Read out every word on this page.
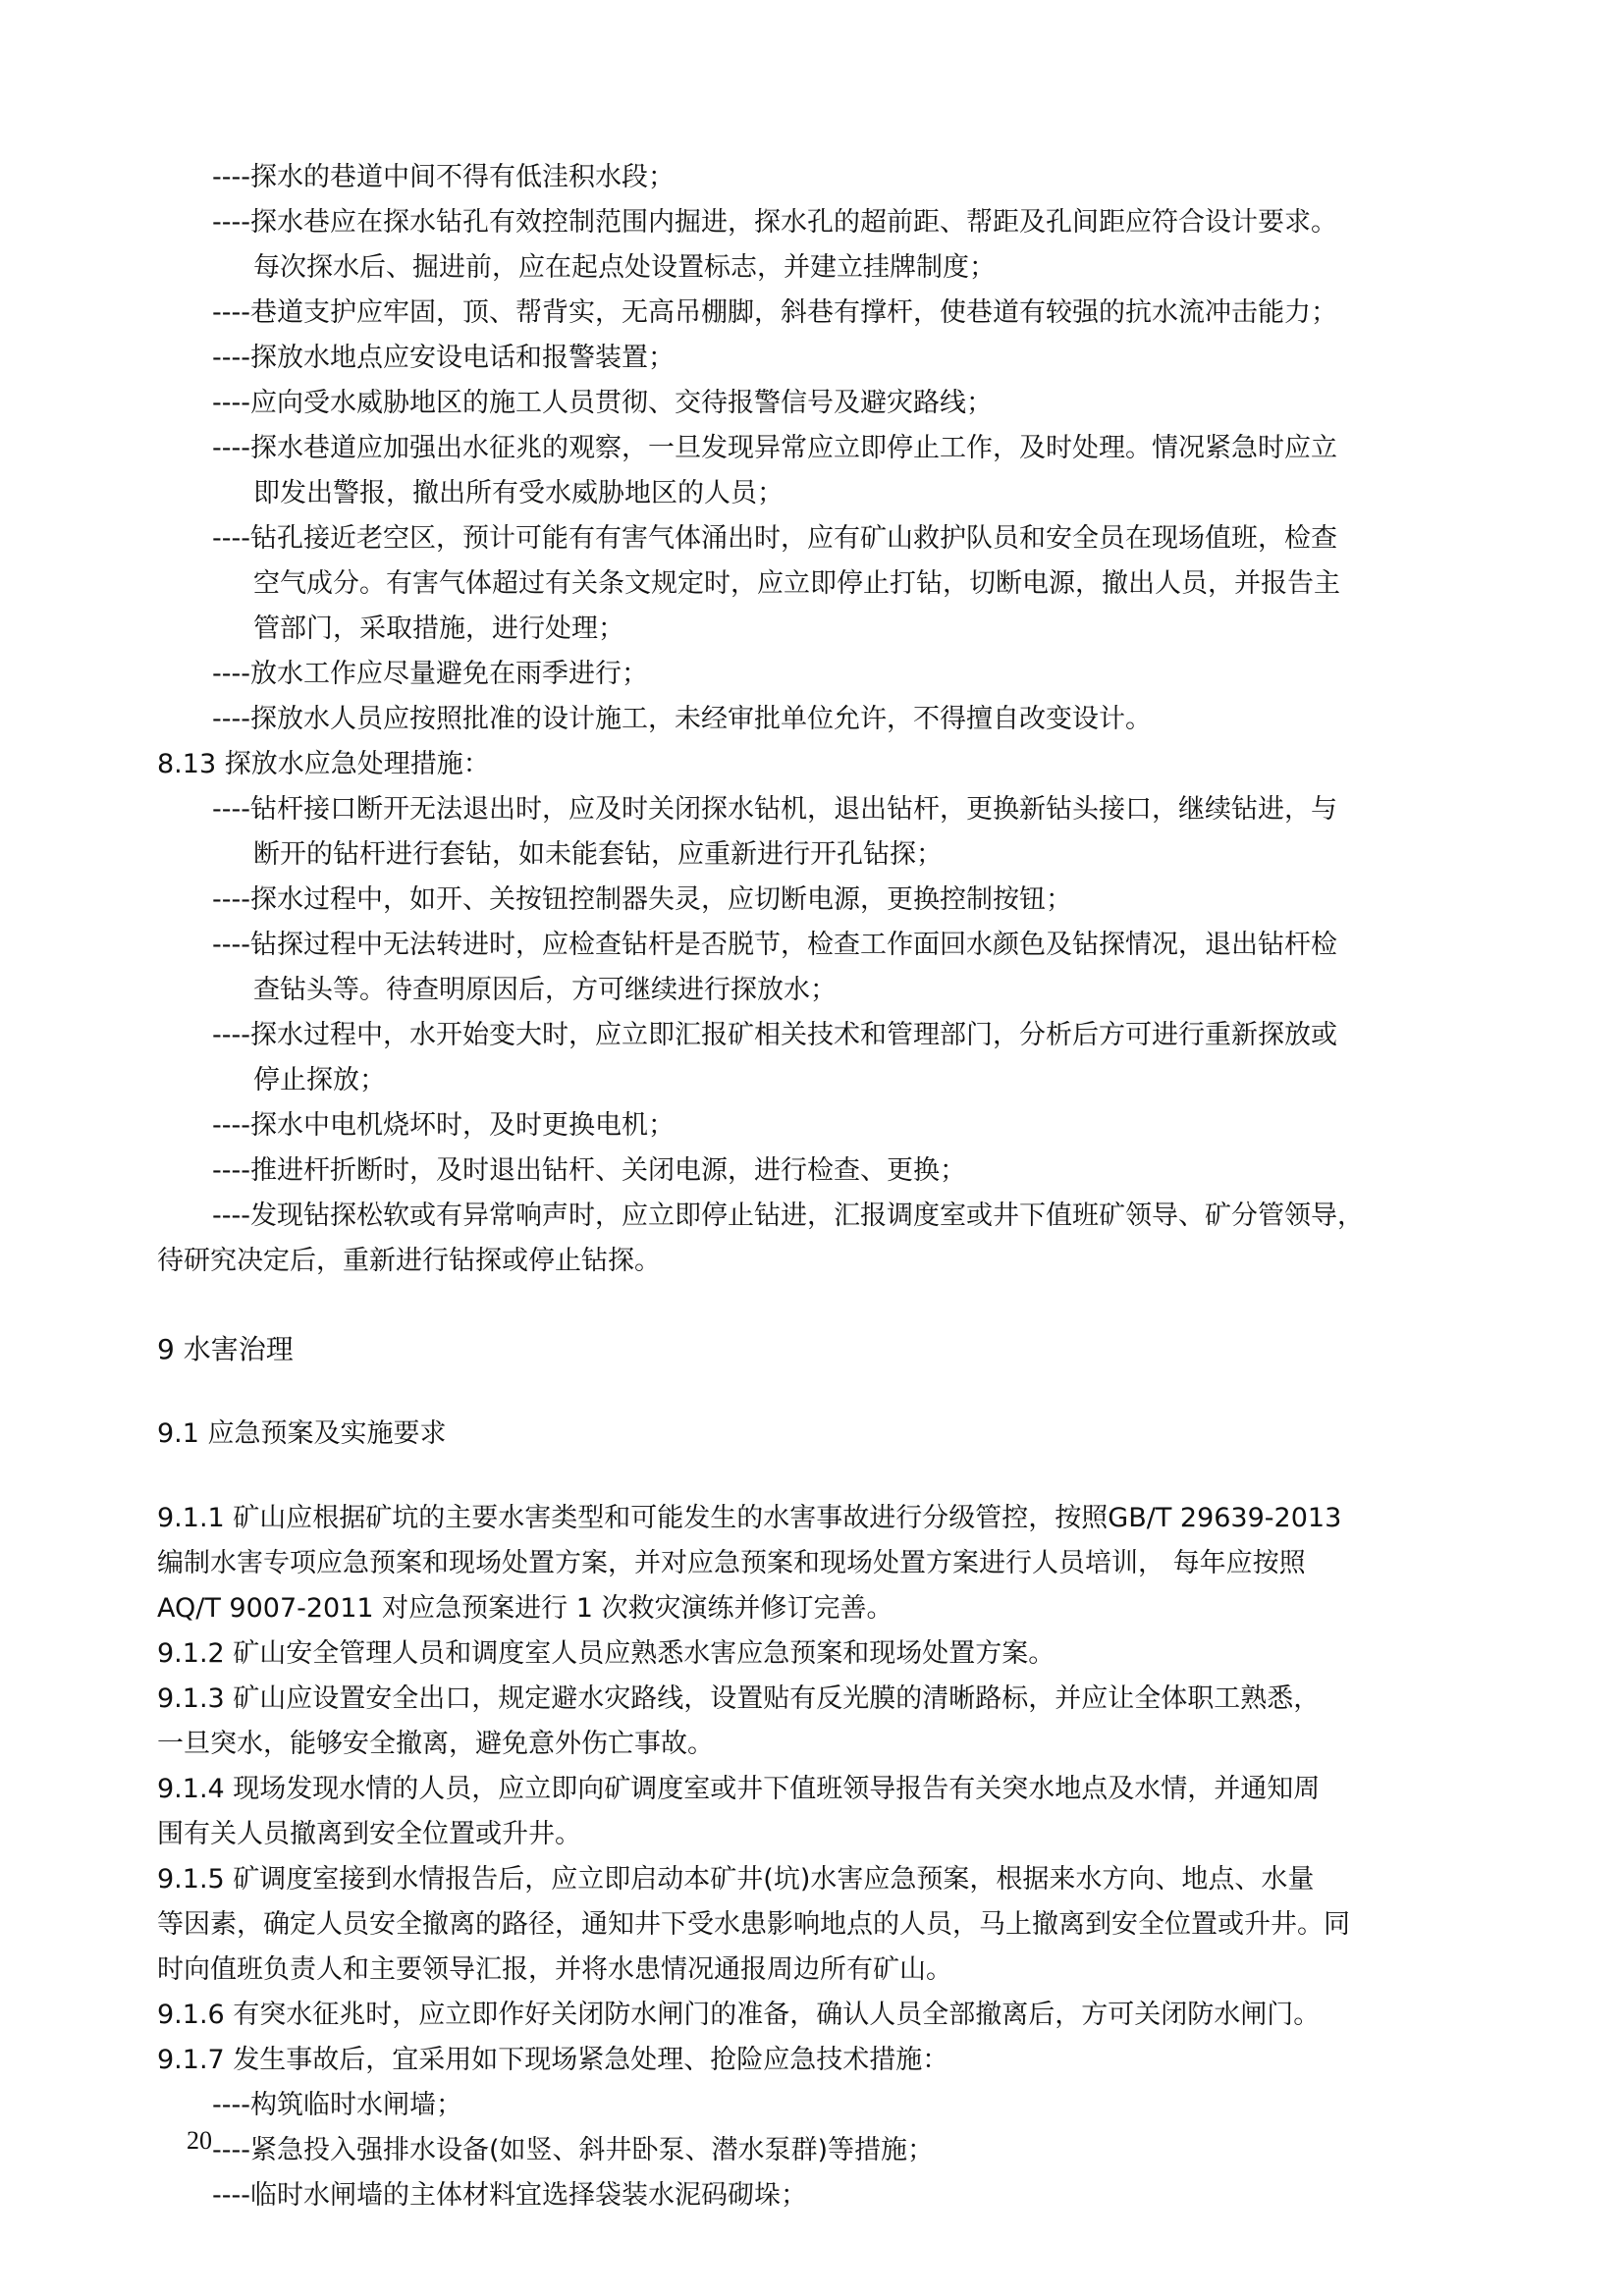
----探水的巷道中间不得有低洼积水段；
----探水巷应在探水钻孔有效控制范围内掘进，探水孔的超前距、帮距及孔间距应符合设计要求。
每次探水后、掘进前，应在起点处设置标志，并建立挂牌制度；
----巷道支护应牢固，顶、帮背实，无高吊棚脚，斜巷有撑杆，使巷道有较强的抗水流冲击能力；
----探放水地点应安设电话和报警装置；
----应向受水威胁地区的施工人员贯彻、交待报警信号及避灾路线；
----探水巷道应加强出水征兆的观察，一旦发现异常应立即停止工作，及时处理。情况紧急时应立
即发出警报，撤出所有受水威胁地区的人员；
----钻孔接近老空区，预计可能有有害气体涌出时，应有矿山救护队员和安全员在现场值班，检查
空气成分。有害气体超过有关条文规定时，应立即停止打钻，切断电源，撤出人员，并报告主
管部门，采取措施，进行处理；
----放水工作应尽量避免在雨季进行；
----探放水人员应按照批准的设计施工，未经审批单位允许，不得擅自改变设计。
8.13 探放水应急处理措施：
----钻杆接口断开无法退出时，应及时关闭探水钻机，退出钻杆，更换新钻头接口，继续钻进，与
断开的钻杆进行套钻，如未能套钻，应重新进行开孔钻探；
----探水过程中，如开、关按钮控制器失灵，应切断电源，更换控制按钮；
----钻探过程中无法转进时，应检查钻杆是否脱节，检查工作面回水颜色及钻探情况，退出钻杆检
查钻头等。待查明原因后，方可继续进行探放水；
----探水过程中，水开始变大时，应立即汇报矿相关技术和管理部门，分析后方可进行重新探放或
停止探放；
----探水中电机烧坏时，及时更换电机；
----推进杆折断时，及时退出钻杆、关闭电源，进行检查、更换；
----发现钻探松软或有异常响声时，应立即停止钻进，汇报调度室或井下值班矿领导、矿分管领导，
待研究决定后，重新进行钻探或停止钻探。
9 水害治理
9.1 应急预案及实施要求
9.1.1 矿山应根据矿坑的主要水害类型和可能发生的水害事故进行分级管控，按照GB/T 29639-2013
编制水害专项应急预案和现场处置方案，并对应急预案和现场处置方案进行人员培训， 每年应按照
AQ/T 9007-2011 对应急预案进行 1 次救灾演练并修订完善。
9.1.2 矿山安全管理人员和调度室人员应熟悉水害应急预案和现场处置方案。
9.1.3 矿山应设置安全出口，规定避水灾路线，设置贴有反光膜的清晰路标，并应让全体职工熟悉，
一旦突水，能够安全撤离，避免意外伤亡事故。
9.1.4 现场发现水情的人员，应立即向矿调度室或井下值班领导报告有关突水地点及水情，并通知周
围有关人员撤离到安全位置或升井。
9.1.5 矿调度室接到水情报告后，应立即启动本矿井(坑)水害应急预案，根据来水方向、地点、水量
等因素，确定人员安全撤离的路径，通知井下受水患影响地点的人员，马上撤离到安全位置或升井。同
时向值班负责人和主要领导汇报，并将水患情况通报周边所有矿山。
9.1.6 有突水征兆时，应立即作好关闭防水闸门的准备，确认人员全部撤离后，方可关闭防水闸门。
9.1.7 发生事故后，宜采用如下现场紧急处理、抢险应急技术措施：
----构筑临时水闸墙；
----紧急投入强排水设备(如竖、斜井卧泵、潜水泵群)等措施；
----临时水闸墙的主体材料宜选择袋装水泥码砌垛；
20
